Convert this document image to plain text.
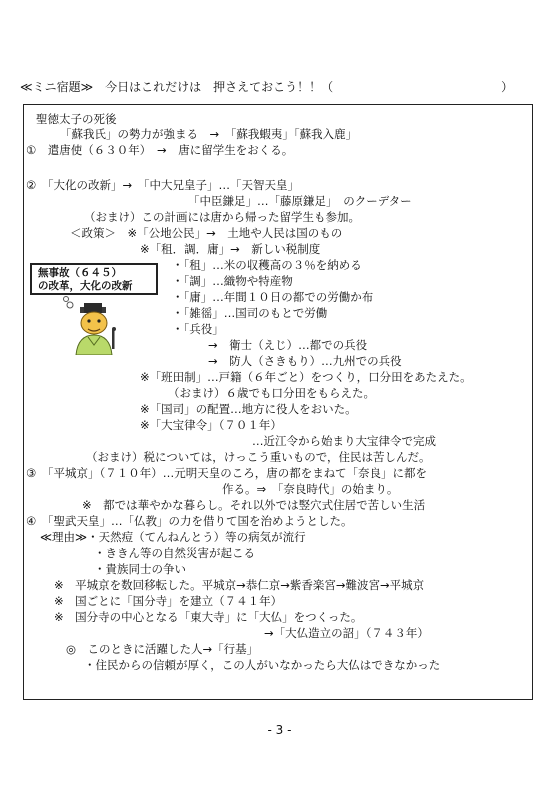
≪ミニ宿題≫　今日はこれだけは　押さえておこう！！（　　　　　　　　　　　　　　）
聖徳太子の死後
「蘇我氏」の勢力が強まる　→　「蘇我蝦夷」「蘇我入鹿」
①　遣唐使（６３０年）　→　唐に留学生をおくる。
②　「大化の改新」→　「中大兄皇子」…「天智天皇」
「中臣鎌足」…「藤原鎌足」　のクーデター
（おまけ）この計画には唐から帰った留学生も参加。
＜政策＞　※「公地公民」→　土地や人民は国のもの
※「租．調．庸」→　新しい税制度
・「租」…米の収穫高の３％を納める
・「調」…織物や特産物
・「庸」…年間１０日の都での労働か布
・「雑徭」…国司のもとで労働
・「兵役」
→　衛士（えじ）…都での兵役
→　防人（さきもり）…九州での兵役
※「班田制」…戸籍（６年ごと）をつくり，口分田をあたえた。
（おまけ）６歳でも口分田をもらえた。
※「国司」の配置…地方に役人をおいた。
※「大宝律令」（７０１年）
…近江令から始まり大宝律令で完成
（おまけ）税については，けっこう重いもので，住民は苦しんだ。
③　「平城京」（７１０年）…元明天皇のころ，唐の都をまねて「奈良」に都を
作る。⇒　「奈良時代」の始まり。
※　都では華やかな暮らし。それ以外では竪穴式住居で苦しい生活
④　「聖武天皇」…「仏教」の力を借りて国を治めようとした。
≪理由≫・天然痘（てんねんとう）等の病気が流行
・ききん等の自然災害が起こる
・貴族同士の争い
※　平城京を数回移転した。平城京→恭仁京→紫香楽宮→難波宮→平城京
※　国ごとに「国分寺」を建立（７４１年）
※　国分寺の中心となる「東大寺」に「大仏」をつくった。
→「大仏造立の詔」（７４３年）
◎　このときに活躍した人→「行基」
・住民からの信頼が厚く，この人がいなかったら大仏はできなかった
無事故（６４５）
の改革，大化の改新
- 3 -
